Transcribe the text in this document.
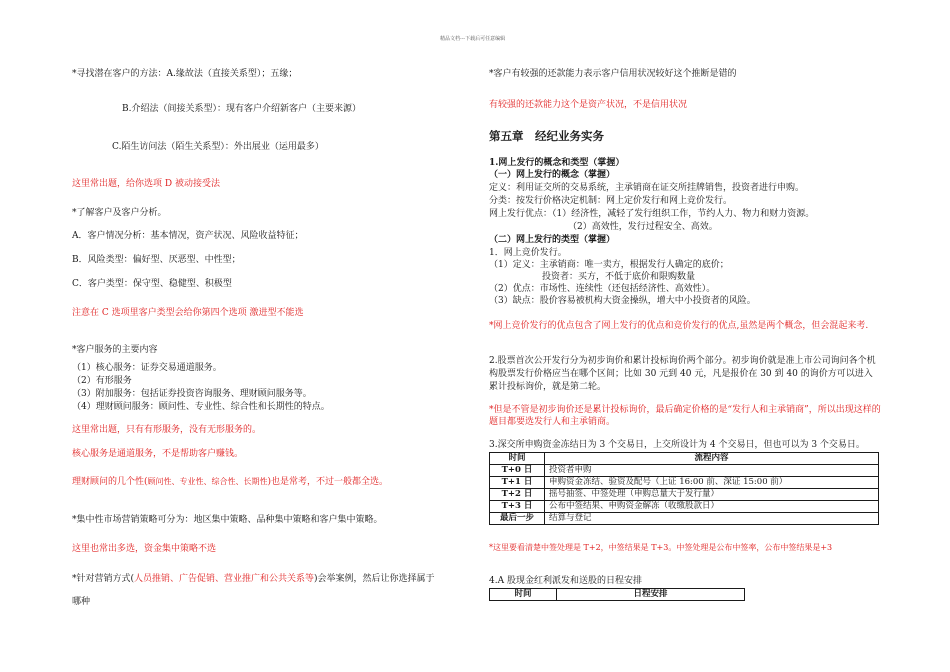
精品文档---下载后可任意编辑
*寻找潜在客户的方法：A.缘故法（直接关系型）；五缘；
B.介绍法（间接关系型）：现有客户介绍新客户（主要来源）
C.陌生访问法（陌生关系型）：外出展业（运用最多）
这里常出题，给你选项 D 被动接受法
*了解客户及客户分析。
A．客户情况分析：基本情况，资产状况、风险收益特征；
B．风险类型：偏好型、厌恶型、中性型；
C．客户类型：保守型、稳健型、积极型
注意在 C 选项里客户类型会给你第四个选项 激进型不能选
*客户服务的主要内容
（1）核心服务：证券交易通道服务。
（2）有形服务
（3）附加服务：包括证券投资咨询服务、理财顾问服务等。
（4）理财顾问服务：顾问性、专业性、综合性和长期性的特点。
这里常出题，只有有形服务，没有无形服务的。
核心服务是通道服务，不是帮助客户赚钱。
理财顾问的几个性(顾问性、专业性、综合性、长期性)也是常考，不过一般都全选。
*集中性市场营销策略可分为：地区集中策略、品种集中策略和客户集中策略。
这里也常出多选，资金集中策略不选
*针对营销方式(人员推销、广告促销、营业推广和公共关系等)会举案例，然后让你选择属于
哪种
*客户有较强的还款能力表示客户信用状况较好这个推断是错的
有较强的还款能力这个是资产状况，不是信用状况
第五章　经纪业务实务
1.网上发行的概念和类型（掌握）
（一）网上发行的概念（掌握）
定义：利用证交所的交易系统，主承销商在证交所挂牌销售，投资者进行申购。
分类：按发行价格决定机制：网上定价发行和网上竞价发行。
网上发行优点：（1）经济性，减轻了发行组织工作，节约人力、物力和财力资源。
（2）高效性，发行过程安全、高效。
（二）网上发行的类型（掌握）
1．网上竞价发行。
（1）定义：主承销商：唯一卖方，根据发行人确定的底价；
投资者：买方，不低于底价和限购数量
（2）优点：市场性、连续性（还包括经济性、高效性）。
（3）缺点：股价容易被机构大资金操纵，增大中小投资者的风险。
*网上竞价发行的优点包含了网上发行的优点和竞价发行的优点,虽然是两个概念，但会混起来考.
2.股票首次公开发行分为初步询价和累计投标询价两个部分。初步询价就是准上市公司询问各个机构股票发行价格应当在哪个区间；比如 30 元到 40 元，凡是报价在 30 到 40 的询价方可以进入累计投标询价，就是第二轮。
*但是不管是初步询价还是累计投标询价，最后确定价格的是“发行人和主承销商”，所以出现这样的题目都要选发行人和主承销商。
3.深交所申购资金冻结日为 3 个交易日，上交所设计为 4 个交易日，但也可以为 3 个交易日。
时间	流程内容
T+0 日	投资者申购
T+1 日	申购资金冻结、验资及配号（上证 16:00 前、深证 15:00 前）
T+2 日	摇号抽签、中签处理（申购总量大于发行量）
T+3 日	公布中签结果、申购资金解冻（收缴股款日）
最后一步	结算与登记
*这里要看清楚中签处理是 T+2，中签结果是 T+3。中签处理是公布中签率，公布中签结果是+3
4.A 股现金红利派发和送股的日程安排
时间	日程安排
